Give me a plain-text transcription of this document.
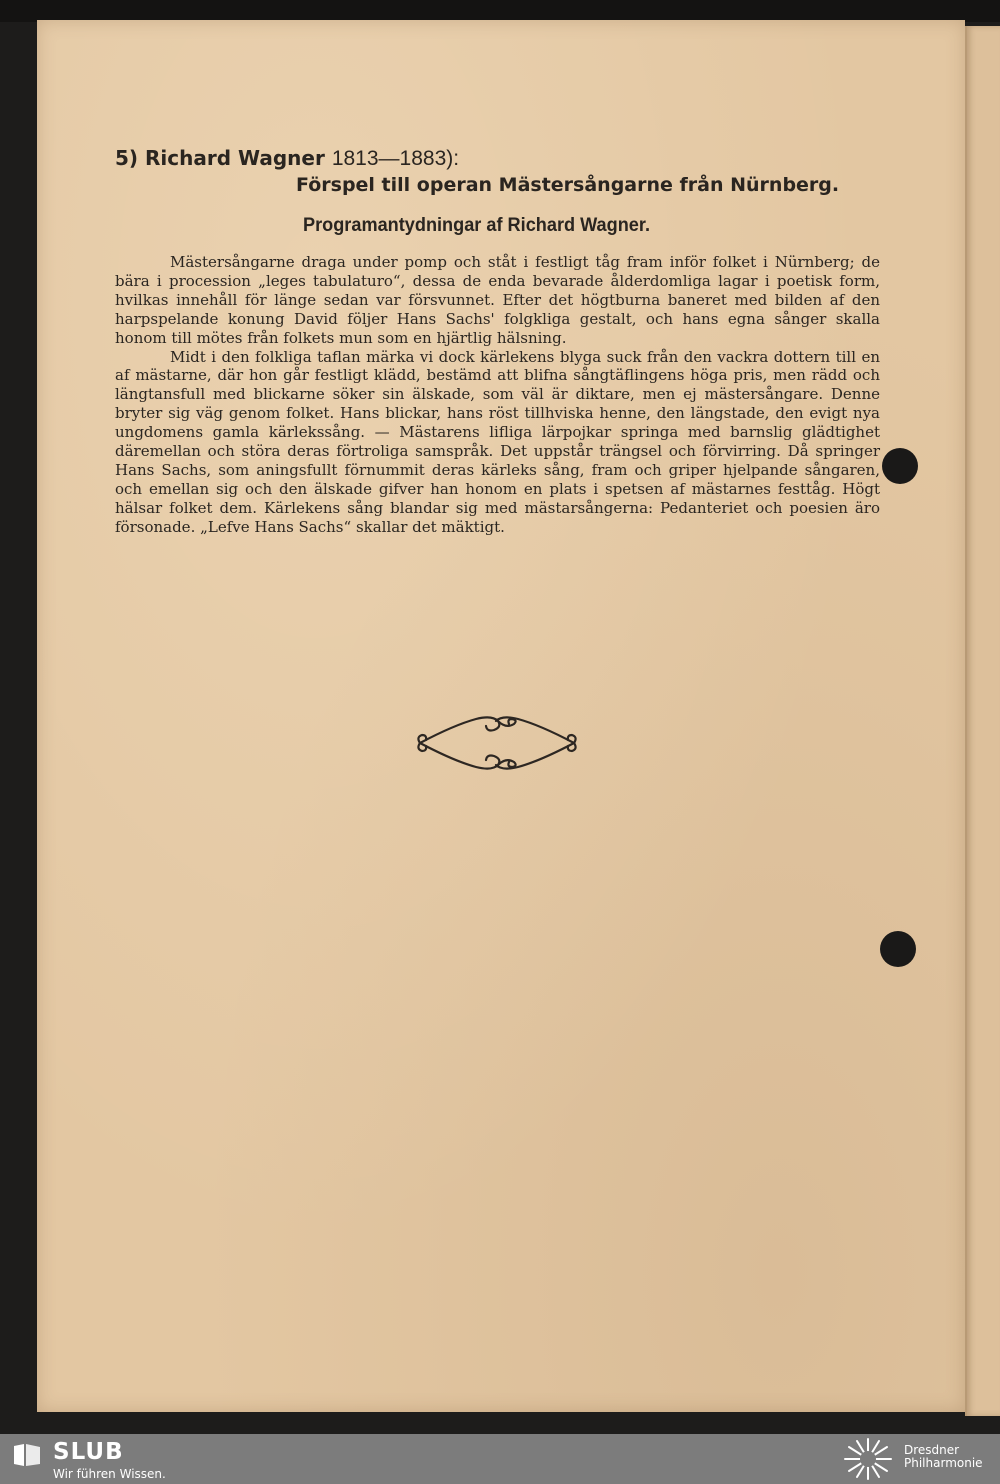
5) Richard Wagner 1813—1883):
Förspel till operan Mästersångarne från Nürnberg.
Programantydningar af Richard Wagner.

Mästersångarne draga under pomp och ståt i festligt tåg fram inför folket i Nürnberg; de bära i procession „leges tabulaturo“, dessa de enda bevarade ålderdomliga lagar i poetisk form, hvilkas innehåll för länge sedan var försvunnet. Efter det högtburna baneret med bilden af den harpspelande konung David följer Hans Sachs' folgkliga gestalt, och hans egna sånger skalla honom till mötes från folkets mun som en hjärtlig hälsning.

Midt i den folkliga taflan märka vi dock kärlekens blyga suck från den vackra dottern till en af mästarne, där hon går festligt klädd, bestämd att blifna sångtäflingens höga pris, men rädd och längtansfull med blickarne söker sin älskade, som väl är diktare, men ej mästersångare. Denne bryter sig väg genom folket. Hans blickar, hans röst tillhviska henne, den längstade, den evigt nya ungdomens gamla kärlekssång. — Mästarens lifliga lärpojkar springa med barnslig glädtighet däremellan och störa deras förtroliga samspråk. Det uppstår trängsel och förvirring. Då springer Hans Sachs, som aningsfullt förnummit deras kärleks sång, fram och griper hjelpande sångaren, och emellan sig och den älskade gifver han honom en plats i spetsen af mästarnes festtåg. Högt hälsar folket dem. Kärlekens sång blandar sig med mästarsångerna: Pedanteriet och poesien äro försonade. „Lefve Hans Sachs“ skallar det mäktigt.

SLUB
Wir führen Wissen.
Dresdner
Philharmonie
